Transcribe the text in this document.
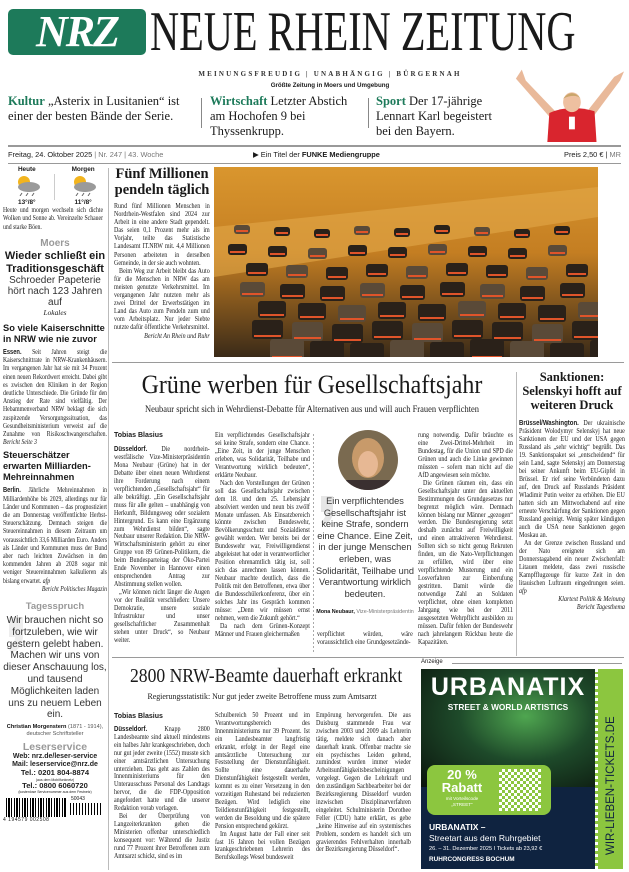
NRZ NEUE RHEIN ZEITUNG
MEINUNGSFREUDIG | UNABHÄNGIG | BÜRGERNAH
Größte Zeitung in Moers und Umgebung
Kultur „Asterix in Lusitanien“ ist einer der besten Bände der Serie.
Wirtschaft Letzter Abstich am Hochofen 9 bei Thyssenkrupp.
Sport Der 17-jährige Lennart Karl begeistert bei den Bayern.
Freitag, 24. Oktober 2025 | Nr. 247 | 43. Woche	▶ Ein Titel der FUNKE Mediengruppe	Preis 2,50 € | MR
Heute
13°/8°
Morgen
11°/8°
Heute und morgen wechseln sich dichte Wolken und Sonne ab. Vereinzelte Schauer und starke Böen.
Moers
Wieder schließt ein Traditionsgeschäft
Schroeder Papeterie hört nach 123 Jahren auf
Lokales
So viele Kaiserschnitte in NRW wie nie zuvor
Essen. Seit Jahren steigt die Kaiserschnittrate in NRW-Krankenhäusern. Im vergangenen Jahr hat sie mit 34 Prozent einen neuen Rekordwert erreicht. Dabei gibt es zwischen den Kliniken in der Region deutliche Unterschiede. Die Gründe für den Anstieg der Rate sind vielfältig. Der Hebammenverband NRW beklagt die sich zuspitzende Versorgungssituation, das Gesundheitsministerium verweist auf die Zunahme von Risikoschwangerschaften. Bericht Seite 3
Steuerschätzer erwarten Milliarden-Mehreinnahmen
Berlin. Jährliche Mehreinnahmen in Milliardenhöhe bis 2029, allerdings nur für Länder und Kommunen – das prognostiziert die am Donnerstag veröffentlichte Herbst-Steuerschätzung. Demnach steigen die Steuereinnahmen in diesem Zeitraum um voraussichtlich 33,6 Milliarden Euro. Anders als Länder und Kommunen muss der Bund aber nach leichten Zuwächsen in den kommenden Jahren ab 2028 sogar mit weniger Steuereinnahmen kalkulieren als bislang erwartet. afp
Bericht Politisches Magazin
Tagesspruch
Wir brauchen nicht so fortzuleben, wie wir gestern gelebt haben. Machen wir uns von dieser Anschauung los, und tausend Möglichkeiten laden uns zu neuem Leben ein.
Christian Morgenstern (1871 - 1914), deutscher Schriftsteller
Leserservice
Web: nrz.de/leser-service
Mail: leserservice@nrz.de
Tel.: 0201 804-8874
(aus dem Mobilfunknetz)
Tel.: 0800 6060720
(kostenlose Servicenummer aus dem Festnetz)
50043
4 194579 002508
Fünf Millionen pendeln täglich

Rund fünf Millionen Menschen in Nordrhein-Westfalen sind 2024 zur Arbeit in eine andere Stadt gependelt. Das seien 0,1 Prozent mehr als im Vorjahr, teilte das Statistische Landesamt IT.NRW mit. 4,4 Millionen Personen arbeiteten in derselben Gemeinde, in der sie auch wohnten.

Beim Weg zur Arbeit bleibt das Auto für die Menschen in NRW das am meisten genutzte Verkehrsmittel. Im vergangenen Jahr nutzten mehr als zwei Drittel der Erwerbstätigen im Land das Auto zum Pendeln zum und vom Arbeitsplatz. Nur jeder Siebte nutzte dafür öffentliche Verkehrsmittel.

Bericht An Rhein und Ruhr
Grüne werben für Gesellschaftsjahr
Neubaur spricht sich in Wehrdienst-Debatte für Alternativen aus und will auch Frauen verpflichten
Tobias Blasius

Düsseldorf. Die nordrhein-westfälische Vize-Ministerpräsidentin Mona Neubaur (Grüne) hat in der Debatte über einen neuen Wehrdienst ihre Forderung nach einem verpflichtenden „Gesellschaftsjahr“ für alle bekräftigt. „Ein Gesellschaftsjahr muss für alle gelten – unabhängig von Herkunft, Bildungsweg oder sozialem Hintergrund. Es kann eine Ergänzung zum Wehrdienst bilden“, sagte Neubaur unserer Redaktion. Die NRW-Wirtschaftsministerin gehört zu einer Gruppe von 89 Grünen-Politikern, die beim Bundesparteitag der Öko-Partei Ende November in Hannover einen entsprechenden Antrag zur Abstimmung stellen wollen.

„Wir können nicht länger die Augen vor der Realität verschließen: Unsere Demokratie, unsere soziale Infrastruktur und unser gesellschaftlicher Zusammenhalt stehen unter Druck“, so Neubaur weiter.

Ein verpflichtendes Gesellschaftsjahr sei keine Strafe, sondern eine Chance. „Eine Zeit, in der junge Menschen erleben, was Solidarität, Teilhabe und Verantwortung wirklich bedeuten“, erklärte Neubaur.

Nach den Vorstellungen der Grünen soll das Gesellschaftsjahr zwischen dem 18. und dem 25. Lebensjahr absolviert werden und neun bis zwölf Monate umfassen. Als Einsatzbereich könnte zwischen Bundeswehr, Bevölkerungsschutz und Sozialdienst gewählt werden. Wer bereits bei der Bundeswehr war, Freiwilligendienst abgeleistet hat oder in verantwortlicher Position ehrenamtlich tätig ist, soll sich das anrechnen lassen können. Neubaur machte deutlich, dass die Politik mit den Betroffenen, etwa über die Bundesschülerkonferenz, über ein solches Jahr ins Gespräch kommen müsse: „Denn wir müssen ernst nehmen, wem die Zukunft gehört.“

Da nach dem Grünen-Konzept Männer und Frauen gleichermaßen

Ein verpflichtendes Gesellschaftsjahr ist keine Strafe, sondern eine Chance. Eine Zeit, in der junge Menschen erleben, was Solidarität, Teilhabe und Verantwortung wirklich bedeuten.
Mona Neubaur, Vize-Ministerpräsidentin
verpflichtet würden, wäre voraussichtlich eine Grundgesetzände-

rung notwendig. Dafür bräuchte es eine Zwei-Drittel-Mehrheit im Bundestag, für die Union und SPD die Grünen und auch die Linke gewinnen müssten – sofern man nicht auf die AfD angewiesen sein möchte.

Die Grünen räumen ein, dass ein Gesellschaftsjahr unter den aktuellen Bestimmungen des Grundgesetzes nur begrenzt möglich wäre. Demnach können bislang nur Männer „gezogen“ werden. Die Bundesregierung setzt deshalb zunächst auf Freiwilligkeit und einen attraktiveren Wehrdienst. Sollten sich so nicht genug Rekruten finden, um die Nato-Verpflichtungen zu erfüllen, wird über eine verpflichtende Musterung und ein Losverfahren zur Einberufung gestritten. Damit würde die notwendige Zahl an Soldaten verpflichtet, ohne einen kompletten Jahrgang wie bei der 2011 ausgesetzten Wehrpflicht ausbilden zu müssen. Dafür fehlen der Bundeswehr nach jahrelangem Rückbau heute die Kapazitäten.

Sanktionen: Selenskyi hofft auf weiteren Druck

Brüssel/Washington. Der ukrainische Präsident Wolodymyr Selenskyj hat neue Sanktionen der EU und der USA gegen Russland als „sehr wichtig“ begrüßt. Das 19. Sanktionspaket sei „entscheidend“ für sein Land, sagte Selenskyj am Donnerstag bei seiner Ankunft beim EU-Gipfel in Brüssel. Er rief seine Verbündeten dazu auf, den Druck auf Russlands Präsident Wladimir Putin weiter zu erhöhen. Die EU hatten sich am Mittwochabend auf eine erneute Verschärfung der Sanktionen gegen Russland geeinigt. Wenig später kündigten auch die USA neue Sanktionen gegen Moskau an.

An der Grenze zwischen Russland und der Nato ereignete sich am Donnerstagabend ein neuer Zwischenfall: Litauen meldete, dass zwei russische Kampfflugzeuge für kurze Zeit in den litauischen Luftraum eingedrungen seien. afp

Klartext Politik & Meinung
Bericht Tagesthema
2800 NRW-Beamte dauerhaft erkrankt
Regierungsstatistik: Nur gut jeder zweite Betroffene muss zum Amtsarzt
Tobias Blasius

Düsseldorf. Knapp 2800 Landesbeamte sind aktuell mindestens ein halbes Jahr krankgeschrieben, doch nur gut jeder zweite (1552) musste sich einer amtsärztlichen Untersuchung unterziehen. Das geht aus Zahlen des Innenministeriums für den Unterausschuss Personal des Landtags hervor, die die FDP-Opposition angefordert hatte und die unserer Redaktion vorab vorlagen.

Bei der Überprüfung von Langzeiterkrankten gehen die Ministerien offenbar unterschiedlich konsequent vor: Während die Justiz rund 77 Prozent ihrer Betroffenen zum Amtsarzt schickt, sind es im

Schulbereich 50 Prozent und im Verantwortungsbereich des Innenministeriums nur 39 Prozent. Ist ein Landesbeamter langfristig erkrankt, erfolgt in der Regel eine amtsärztliche Untersuchung zur Feststellung der Dienstunfähigkeit. Sollte eine dauerhafte Dienstunfähigkeit festgestellt werden, kommt es zu einer Versetzung in den vorzeitigen Ruhestand bei reduzierten Bezügen. Wird lediglich eine Teildienstunfähigkeit festgestellt, werden die Besoldung und die spätere Pension entsprechend gekürzt.

Im August hatte der Fall einer seit fast 16 Jahren bei vollen Bezügen krankgeschriebenen Lehrerin des Berufskollegs Wesel bundesweit

Empörung hervorgerufen. Die aus Duisburg stammende Frau war zwischen 2003 und 2009 als Lehrerin tätig, meldete sich danach aber dauerhaft krank. Offenbar machte sie ein psychisches Leiden geltend, zumindest wurden immer wieder Arbeitsunfähigkeitsbescheinigungen vorgelegt. Gegen die Lehrkraft und den zuständigen Sachbearbeiter bei der Bezirksregierung Düsseldorf wurden inzwischen Disziplinarverfahren eingeleitet. Schulministerin Dorothee Feller (CDU) hatte erklärt, es gebe „keine Hinweise auf ein systemisches Problem, sondern es handelt sich um gravierendes Fehlverhalten innerhalb der Bezirksregierung Düsseldorf“.

Anzeige
URBANATIX
STREET & WORLD ARTISTICS
20 %
Rabatt
mit Vorteilscode
„STREET“
URBANATIX –
Streetart aus dem Ruhrgebiet
26. – 31. Dezember 2025 I Tickets ab 23,92 €
RUHRCONGRESS BOCHUM
WIR-LIEBEN-TICKETS.DE
